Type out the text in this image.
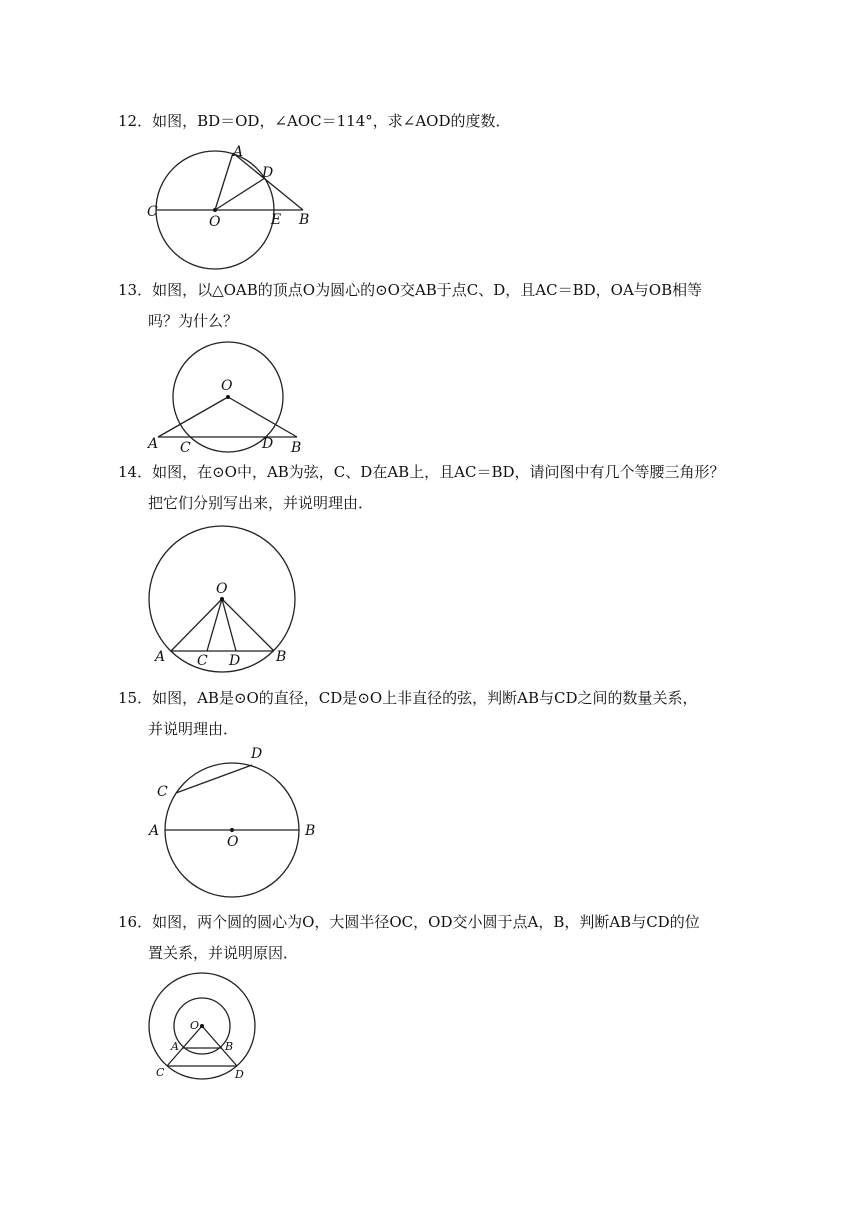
12．如图，BD＝OD，∠AOC＝114°，求∠AOD的度数．
A
D
C
O	E B
13．如图，以△OAB的顶点O为圆心的⊙O交AB于点C、D，且AC＝BD，OA与OB相等
吗？为什么？
O
A C	D B
14．如图，在⊙O中，AB为弦，C、D在AB上，且AC＝BD，请问图中有几个等腰三角形？
把它们分别写出来，并说明理由．
O
A C D	B
15．如图，AB是⊙O的直径，CD是⊙O上非直径的弦，判断AB与CD之间的数量关系，
并说明理由．
D
C
A	B
O
16．如图，两个圆的圆心为O，大圆半径OC，OD交小圆于点A，B，判断AB与CD的位
置关系，并说明原因．
O
A	B
C	D
